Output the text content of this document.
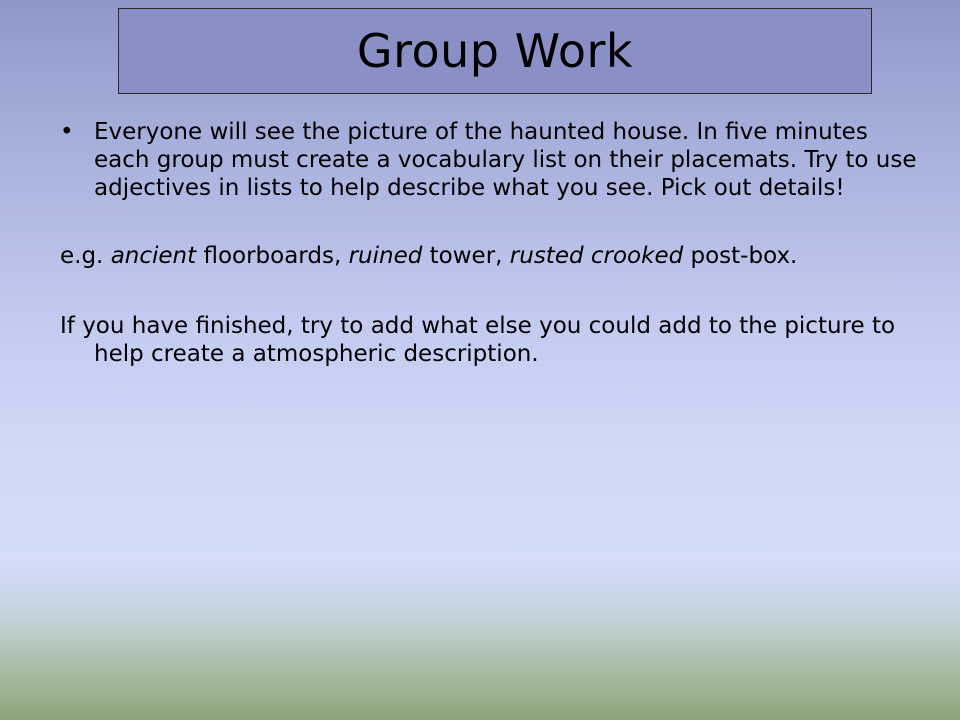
Group Work
• Everyone will see the picture of the haunted house. In five minutes each group must create a vocabulary list on their placemats. Try to use adjectives in lists to help describe what you see. Pick out details!

e.g. ancient floorboards, ruined tower, rusted crooked post-box.

If you have finished, try to add what else you could add to the picture to help create a atmospheric description.
